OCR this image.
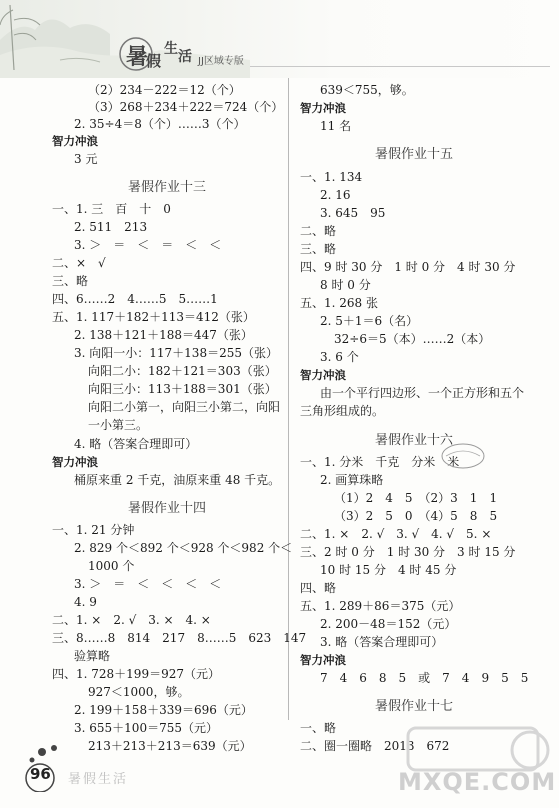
暑
假
生 活 JJ区域专版
（2）234－222＝12（个）
（3）268＋234＋222＝724（个）
2. 35÷4＝8（个）……3（个）
智力冲浪
3 元
一、1. 三　百　十　0
2. 511　213
3. ＞　＝　＜　＝　＜　＜
二、×　√
三、略
四、6……2　4……5　5……1
五、1. 117＋182＋113＝412（张）
2. 138＋121＋188＝447（张）
3. 向阳一小：117＋138＝255（张）
向阳二小：182＋121＝303（张）
向阳三小：113＋188＝301（张）
向阳二小第一，向阳三小第二，向阳
一小第三。
4. 略（答案合理即可）
智力冲浪
桶原来重 2 千克，油原来重 48 千克。
一、1. 21 分钟
2. 829 个＜892 个＜928 个＜982 个＜
1000 个
3. ＞　＝　＜　＜　＜　＜
4. 9
二、1. ×　2. √　3. ×　4. ×
三、8……8　814　217　8……5　623　147
验算略
四、1. 728＋199＝927（元）
927＜1000，够。
2. 199＋158＋339＝696（元）
3. 655＋100＝755（元）
213＋213＋213＝639（元）
639＜755，够。
智力冲浪
11 名
一、1. 134
2. 16
3. 645　95
二、略
三、略
四、9 时 30 分　1 时 0 分　4 时 30 分
8 时 0 分
五、1. 268 张
2. 5＋1＝6（名）
32÷6＝5（本）……2（本）
3. 6 个
智力冲浪
由一个平行四边形、一个正方形和五个
三角形组成的。
一、1. 分米　千克　分米　米
2. 画算珠略
（1）2　4　5　（2）3　1　1
（3）2　5　0　（4）5　8　5
二、1. ×　2. √　3. √　4. √　5. ×
三、2 时 0 分　1 时 30 分　3 时 15 分
10 时 15 分　4 时 45 分
四、略
五、1. 289＋86＝375（元）
2. 200－48＝152（元）
3. 略（答案合理即可）
智力冲浪
7　4　6　8　5　或　7　4　9　5　5
一、略
二、圈一圈略　2013　672
暑假作业十三
暑假作业十四
暑假作业十五
暑假作业十六
暑假作业十七
MXQE.COM
96 暑假生活
